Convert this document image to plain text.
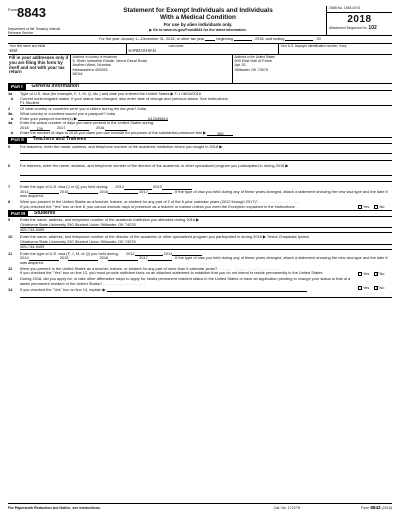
Form 8843
Department of the Treasury Internal Revenue Service
Statement for Exempt Individuals and Individuals
With a Medical Condition
For use by alien individuals only.
▶ Go to www.irs.gov/Form8843 for the latest information.
OMB No. 1545-0074
2018
Attachment Sequence No. 102
For the year January 1—December 31, 2018, or other tax year	beginning	, 2018, and ending	, 20
Your first name and initial
KIM
Last name
KARDASHIAN
Your U.S. taxpayer identification number, if any
Fill in your addresses only if you are filing this form by itself and not with your tax return
Address in country of residence
5, Shah Industrial Estate, Veera Desai Road
Andheri West, Mumbai
Maharashtra 400053
INDIA
Address in the United States
900 East Hall of Fame
Apt 15
Stillwater OK 74075
Part I	General Information
1a	Type of U.S. visa (for example, F, J, M, Q, etc.) and date you entered the United States ▶ F-1 08/15/2016
b	Current nonimmigrant status. If your status has changed, also enter date of change and previous status. See instructions.
F1 Student
2	Of what country or countries were you a citizen during the tax year? India
3a	What country or countries issued you a passport? India
b	Enter your passport number(s) ▶	A12345614
4a	Enter the actual number of days you were present in the United States during:
2018 139	2017	2016
b	Enter the number of days in 2018 you claim you can exclude for purposes of the substantial presence test ▶	365
Part II	Teachers and Trainees
5	For teachers, enter the name, address, and telephone number of the academic institution where you taught in 2018 ▶
6	For trainees, enter the name, address, and telephone number of the director of the academic or other specialized program you participated in during 2018 ▶
7	Enter the type of U.S. visa (J or Q) you held during: 2012	2013
2014	2015	2016	2017	. If the type of visa you held during any of these years changed, attach a statement showing the new visa type and the date it was acquired.
8	Were you present in the United States as a teacher, trainee, or student for any part of 2 of the 6 prior calendar years (2012 through 2017)? . . . . . . . . . . . . . . . . . . .
Yes	No
If you checked the "Yes" box on line 8, you cannot exclude days of presence as a teacher or trainee unless you meet the Exception explained in the instructions.
Part III	Students
9	Enter the name, address, and telephone number of the academic institution you attended during 2018 ▶
Oklahoma State University 250 Student Union Stillwater, OK 74078
405-744-5459
10	Enter the name, address, and telephone number of the director of the academic or other specialized program you participated in during 2018 ▶ Trisha Chaparala Iyomsi
Oklahoma State University 250 Student Union Stillwater, OK 74078
405-744-5459
11	Enter the type of U.S. visa (F, J, M, or Q) you held during: 2012	2013
2014	2015	2016	2017	. If the type of visa you held during any of these years changed, attach a statement showing the new visa type and the date it was acquired.
12	Were you present in the United States as a teacher, trainee, or student for any part of more than 5 calendar years? . . . . . . . . . . . . . . . . . . . . . . . . . . . . .
Yes ✓	No
If you checked the "Yes" box on line 12, you must provide sufficient facts on an attached statement to establish that you do not intend to reside permanently in the United States.
13	During 2018, did you apply for, or take other affirmative steps to apply for, lawful permanent resident status in the United States or have an application pending to change your status to that of a lawful permanent resident of the United States? . . . . . . . . . . . . . . . . . . . .
Yes ✓	No
14	If you checked the "Yes" box on line 13, explain ▶
For Paperwork Reduction Act Notice, see instructions.	Cat. No. 17227H	Form 8843 (2018)
